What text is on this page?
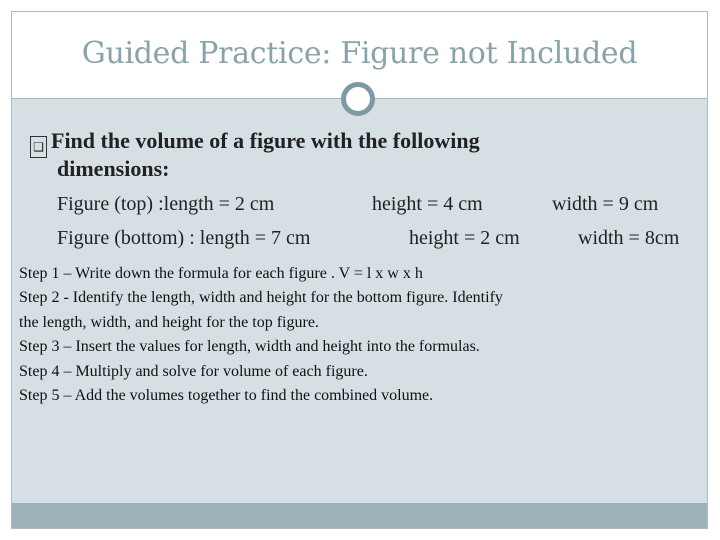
Guided Practice: Figure not Included
❑ Find the volume of a figure with the following
dimensions:
Figure (top) :length = 2 cm	height = 4 cm	width = 9 cm
Figure (bottom) : length = 7 cm	height = 2 cm	width = 8cm
Step 1 – Write down the formula for each figure . V = l x w x h
Step 2 - Identify the length, width and height for the bottom figure. Identify
the length, width, and height for the top figure.
Step 3 – Insert the values for length, width and height into the formulas.
Step 4 – Multiply and solve for volume of each figure.
Step 5 – Add the volumes together to find the combined volume.
